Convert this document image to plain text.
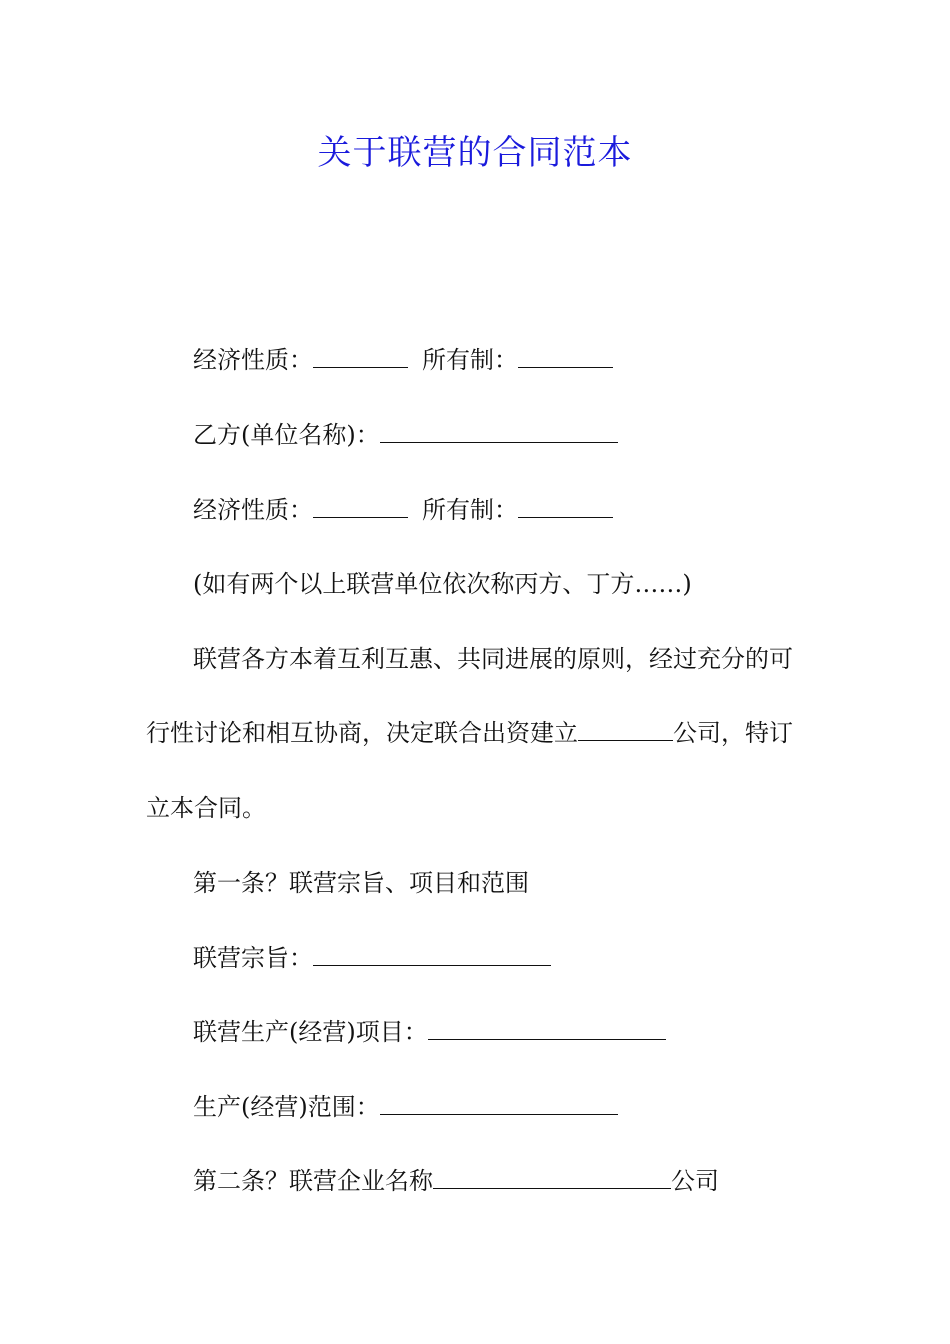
关于联营的合同范本
经济性质：	所有制：
乙方(单位名称)：
经济性质：	所有制：
(如有两个以上联营单位依次称丙方、丁方……)
联营各方本着互利互惠、共同进展的原则，经过充分的可
行性讨论和相互协商，决定联合出资建立	公司，特订
立本合同。
第一条？联营宗旨、项目和范围
联营宗旨：
联营生产(经营)项目：
生产(经营)范围：
第二条？联营企业名称	公司
